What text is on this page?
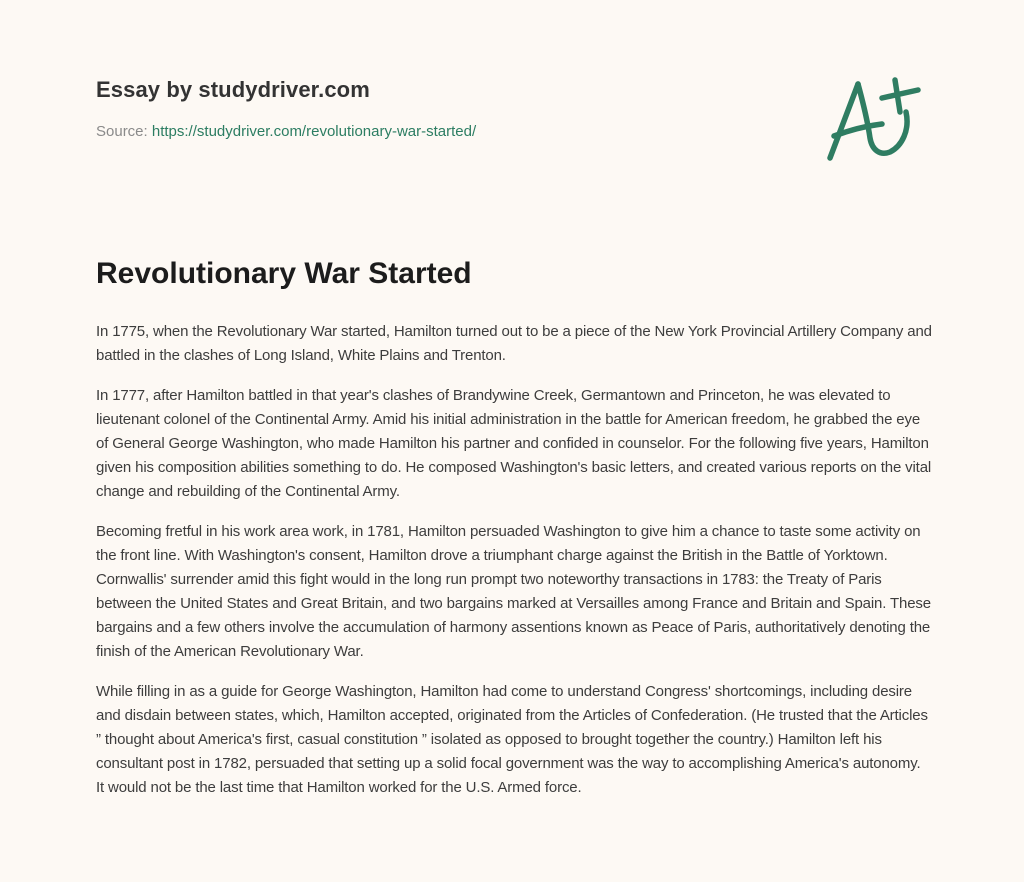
Essay by studydriver.com
Source: https://studydriver.com/revolutionary-war-started/
Revolutionary War Started

In 1775, when the Revolutionary War started, Hamilton turned out to be a piece of the New York Provincial Artillery Company and battled in the clashes of Long Island, White Plains and Trenton.

In 1777, after Hamilton battled in that year's clashes of Brandywine Creek, Germantown and Princeton, he was elevated to lieutenant colonel of the Continental Army. Amid his initial administration in the battle for American freedom, he grabbed the eye of General George Washington, who made Hamilton his partner and confided in counselor. For the following five years, Hamilton given his composition abilities something to do. He composed Washington's basic letters, and created various reports on the vital change and rebuilding of the Continental Army.

Becoming fretful in his work area work, in 1781, Hamilton persuaded Washington to give him a chance to taste some activity on the front line. With Washington's consent, Hamilton drove a triumphant charge against the British in the Battle of Yorktown. Cornwallis' surrender amid this fight would in the long run prompt two noteworthy transactions in 1783: the Treaty of Paris between the United States and Great Britain, and two bargains marked at Versailles among France and Britain and Spain. These bargains and a few others involve the accumulation of harmony assentions known as Peace of Paris, authoritatively denoting the finish of the American Revolutionary War.

While filling in as a guide for George Washington, Hamilton had come to understand Congress' shortcomings, including desire and disdain between states, which, Hamilton accepted, originated from the Articles of Confederation. (He trusted that the Articles ” thought about America's first, casual constitution ” isolated as opposed to brought together the country.) Hamilton left his consultant post in 1782, persuaded that setting up a solid focal government was the way to accomplishing America's autonomy. It would not be the last time that Hamilton worked for the U.S. Armed force.
